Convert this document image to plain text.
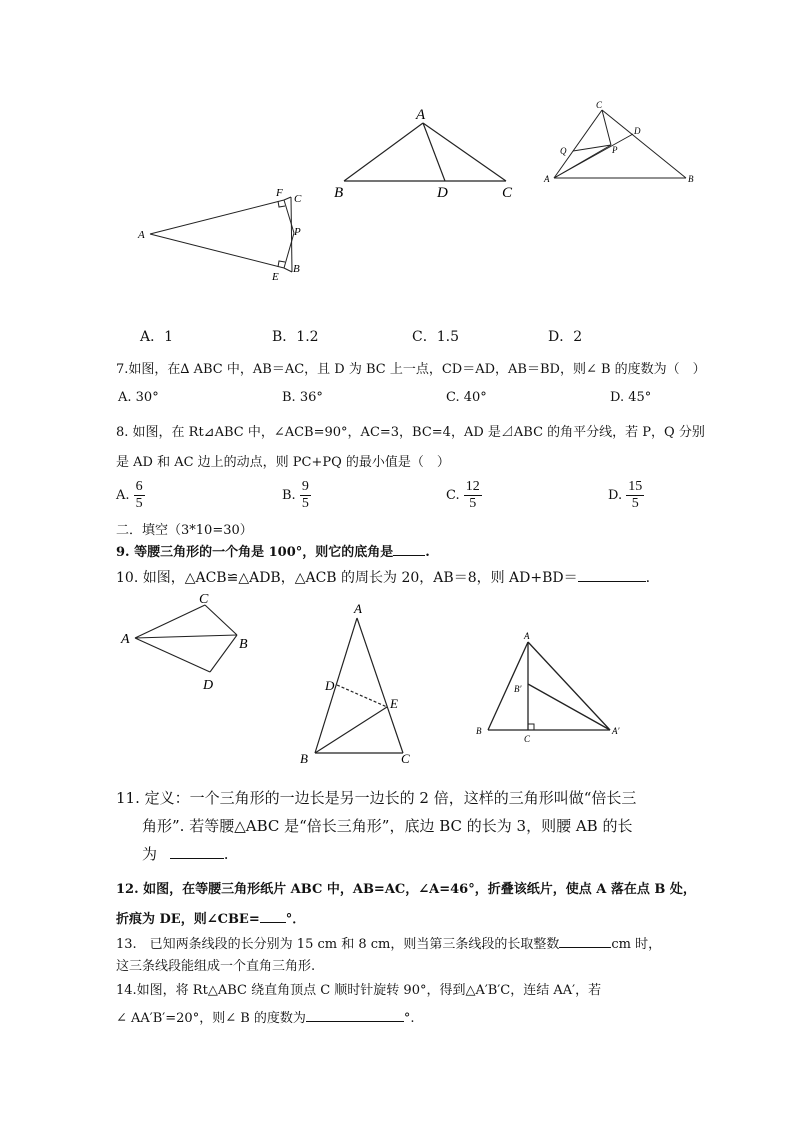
A
F C
P
E
B
A
B	D	C
C
D
Q	P
A	B
A．1	B．1.2	C．1.5	D．2
7.如图，在∆ ABC 中，AB＝AC，且 D 为 BC 上一点，CD＝AD，AB＝BD，则∠ B 的度数为（　）
A. 30°	B. 36°	C. 40°	D. 45°
8. 如图，在 Rt⊿ABC 中，∠ACB=90°，AC=3，BC=4，AD 是⊿ABC 的角平分线，若 P，Q 分别
是 AD 和 AC 边上的动点，则 PC+PQ 的最小值是（　）
A. $\frac{6}{5}$	B. $\frac{9}{5}$	C. $\frac{12}{5}$	D. $\frac{15}{5}$
二．填空（3*10=30）
9. 等腰三角形的一个角是 100°，则它的底角是 .
10. 如图，△ACB≌△ADB，△ACB 的周长为 20，AB＝8，则 AD+BD＝	.
C
A	B
D
A
D
E
B	C
A
B′
B
C
A′
11. 定义：一个三角形的一边长是另一边长的 2 倍，这样的三角形叫做“倍长三
角形”. 若等腰△ABC 是“倍长三角形”，底边 BC 的长为 3，则腰 AB 的长
为	.
12. 如图，在等腰三角形纸片 ABC 中，AB=AC，∠A=46°，折叠该纸片，使点 A 落在点 B 处，
折痕为 DE，则∠CBE= °．
13.　已知两条线段的长分别为 15 cm 和 8 cm，则当第三条线段的长取整数	cm 时，
这三条线段能组成一个直角三角形.
14.如图，将 Rt△ABC 绕直角顶点 C 顺时针旋转 90°，得到△A′B′C，连结 AA′，若
∠ AA′B′=20°，则∠ B 的度数为	°.
